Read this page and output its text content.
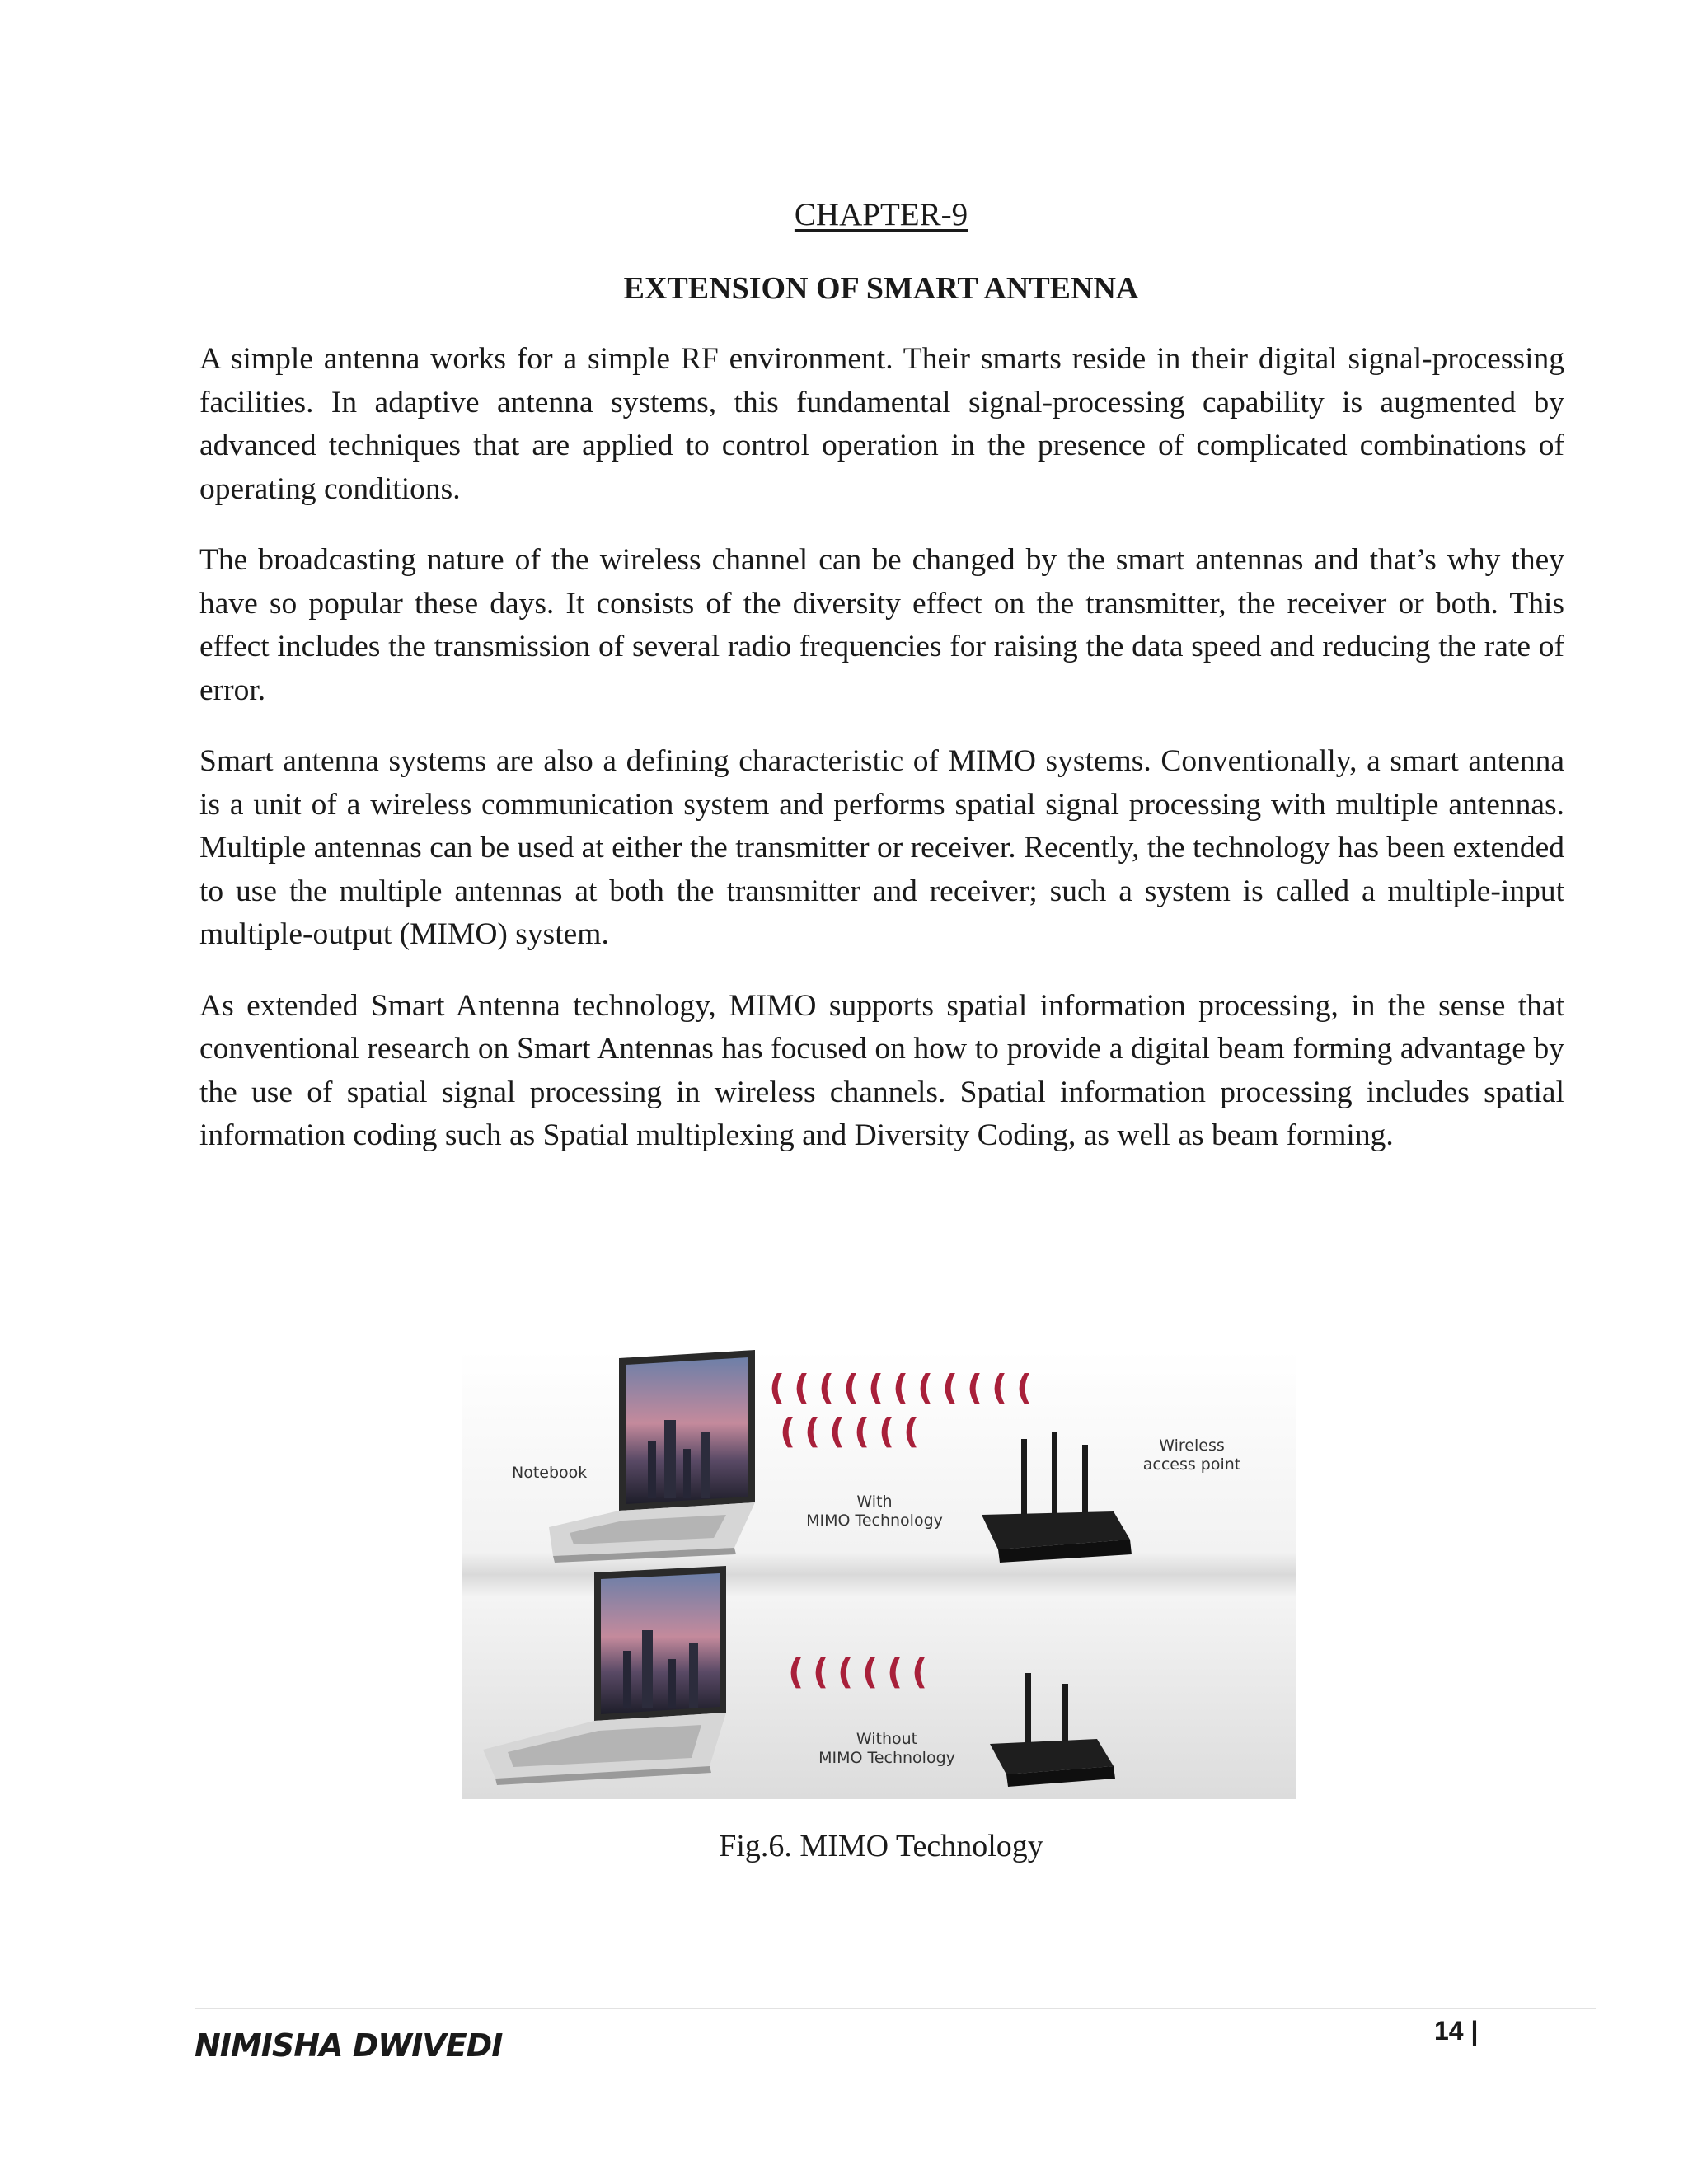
CHAPTER-9
EXTENSION OF SMART ANTENNA

A simple antenna works for a simple RF environment. Their smarts reside in their digital signal-processing facilities. In adaptive antenna systems, this fundamental signal-processing capability is augmented by advanced techniques that are applied to control operation in the presence of complicated combinations of operating conditions.

The broadcasting nature of the wireless channel can be changed by the smart antennas and that’s why they have so popular these days. It consists of the diversity effect on the transmitter, the receiver or both. This effect includes the transmission of several radio frequencies for raising the data speed and reducing the rate of error.

Smart antenna systems are also a defining characteristic of MIMO systems. Conventionally, a smart antenna is a unit of a wireless communication system and performs spatial signal processing with multiple antennas. Multiple antennas can be used at either the transmitter or receiver. Recently, the technology has been extended to use the multiple antennas at both the transmitter and receiver; such a system is called a multiple-input multiple-output (MIMO) system.

As extended Smart Antenna technology, MIMO supports spatial information processing, in the sense that conventional research on Smart Antennas has focused on how to provide a digital beam forming advantage by the use of spatial signal processing in wireless channels. Spatial information processing includes spatial information coding such as Spatial multiplexing and Diversity Coding, as well as beam forming.

Notebook
( ( ( ( ( ( ( ( ( ( (
( ( ( ( ( (
With
MIMO Technology
Wireless
access point
( ( ( ( ( (
Without
MIMO Technology
Fig.6. MIMO Technology
NIMISHA DWIVEDI	14 |
